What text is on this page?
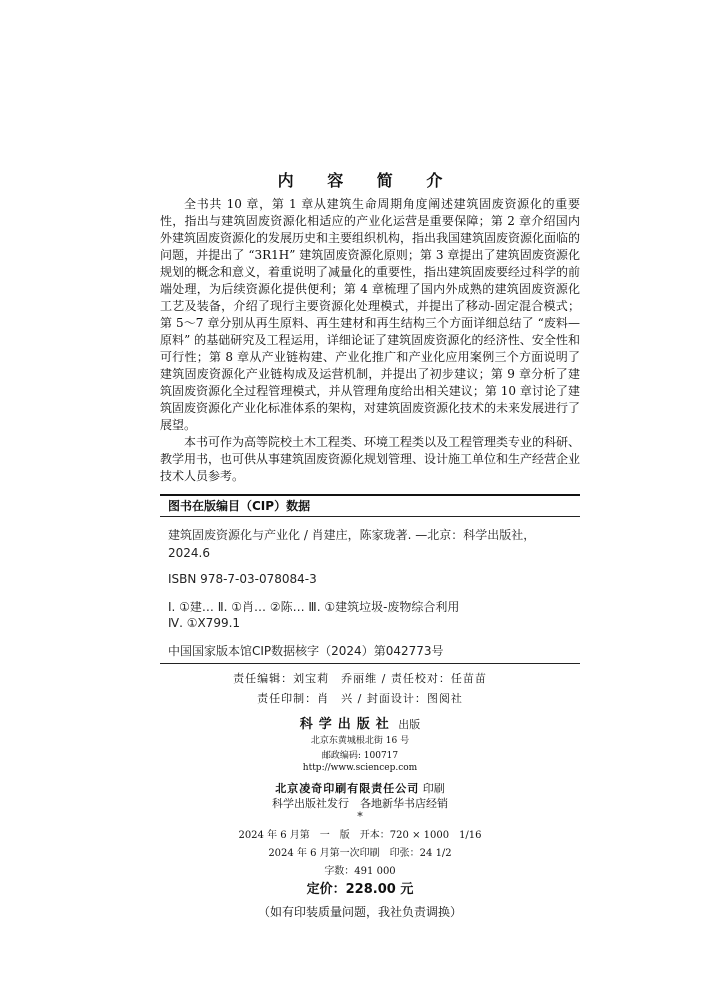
内 容 简 介

全书共 10 章，第 1 章从建筑生命周期角度阐述建筑固废资源化的重要性，指出与建筑固废资源化相适应的产业化运营是重要保障；第 2 章介绍国内外建筑固废资源化的发展历史和主要组织机构，指出我国建筑固废资源化面临的问题，并提出了 “3R1H” 建筑固废资源化原则；第 3 章提出了建筑固废资源化规划的概念和意义，着重说明了减量化的重要性，指出建筑固废要经过科学的前端处理，为后续资源化提供便利；第 4 章梳理了国内外成熟的建筑固废资源化工艺及装备，介绍了现行主要资源化处理模式，并提出了移动-固定混合模式；第 5～7 章分别从再生原料、再生建材和再生结构三个方面详细总结了 “废料—原料” 的基础研究及工程运用，详细论证了建筑固废资源化的经济性、安全性和可行性；第 8 章从产业链构建、产业化推广和产业化应用案例三个方面说明了建筑固废资源化产业链构成及运营机制，并提出了初步建议；第 9 章分析了建筑固废资源化全过程管理模式，并从管理角度给出相关建议；第 10 章讨论了建筑固废资源化产业化标准体系的架构，对建筑固废资源化技术的未来发展进行了展望。

本书可作为高等院校土木工程类、环境工程类以及工程管理类专业的科研、教学用书，也可供从事建筑固废资源化规划管理、设计施工单位和生产经营企业技术人员参考。

图书在版编目（CIP）数据
建筑固废资源化与产业化 / 肖建庄，陈家珑著. —北京：科学出版社，
2024.6
ISBN 978-7-03-078084-3
Ⅰ. ①建… Ⅱ. ①肖… ②陈… Ⅲ. ①建筑垃圾-废物综合利用
Ⅳ. ①X799.1
中国国家版本馆CIP数据核字（2024）第042773号
责任编辑：刘宝莉　乔丽维 / 责任校对：任苗苗
责任印制：肖　兴 / 封面设计：图阅社
科学出版社 出版
北京东黄城根北街 16 号
邮政编码: 100717
http://www.sciencep.com
北京凌奇印刷有限责任公司 印刷
科学出版社发行　各地新华书店经销
*
2024 年 6 月第　一　版　开本：720 × 1000　1/16
2024 年 6 月第一次印刷　印张：24 1/2
字数：491 000
定价：228.00 元
（如有印装质量问题，我社负责调换）
